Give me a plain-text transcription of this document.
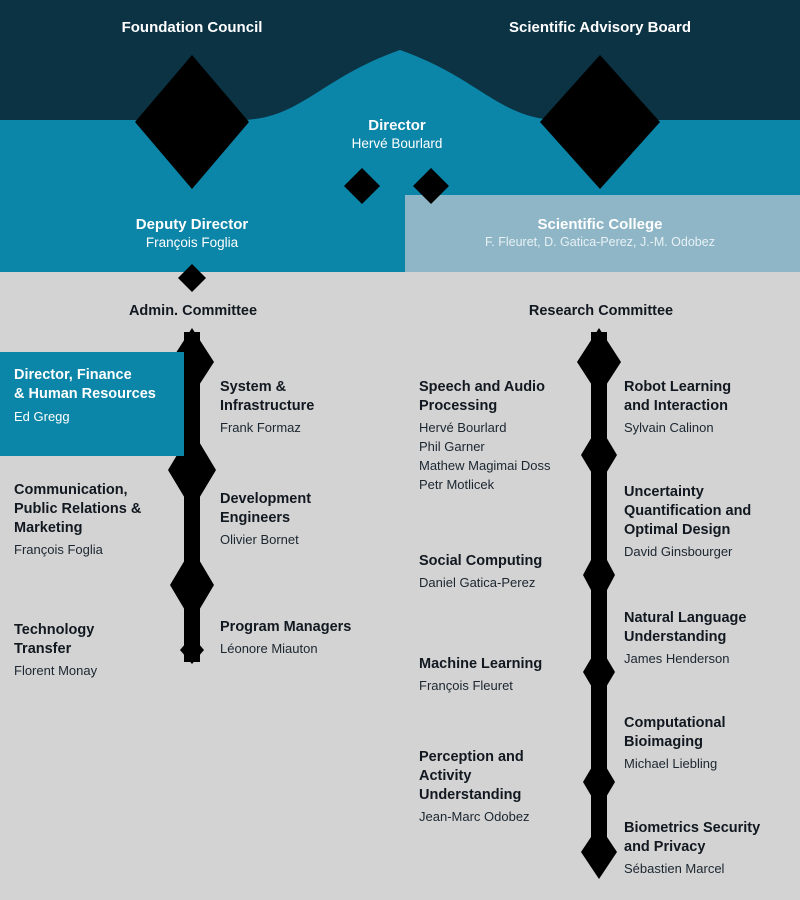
Foundation Council	Scientific Advisory Board
Director
Hervé Bourlard
Deputy Director
François Foglia
Scientific College
F. Fleuret, D. Gatica-Perez, J.-M. Odobez
Admin. Committee	Research Committee
Director, Finance
& Human Resources
Ed Gregg
Communication,
Public Relations &
Marketing
François Foglia
Technology
Transfer
Florent Monay
System &
Infrastructure
Frank Formaz
Development
Engineers
Olivier Bornet
Program Managers
Léonore Miauton
Speech and Audio
Processing
Hervé Bourlard
Phil Garner
Mathew Magimai Doss
Petr Motlicek
Social Computing
Daniel Gatica-Perez
Machine Learning
François Fleuret
Perception and
Activity
Understanding
Jean-Marc Odobez
Robot Learning
and Interaction
Sylvain Calinon
Uncertainty
Quantification and
Optimal Design
David Ginsbourger
Natural Language
Understanding
James Henderson
Computational
Bioimaging
Michael Liebling
Biometrics Security
and Privacy
Sébastien Marcel
